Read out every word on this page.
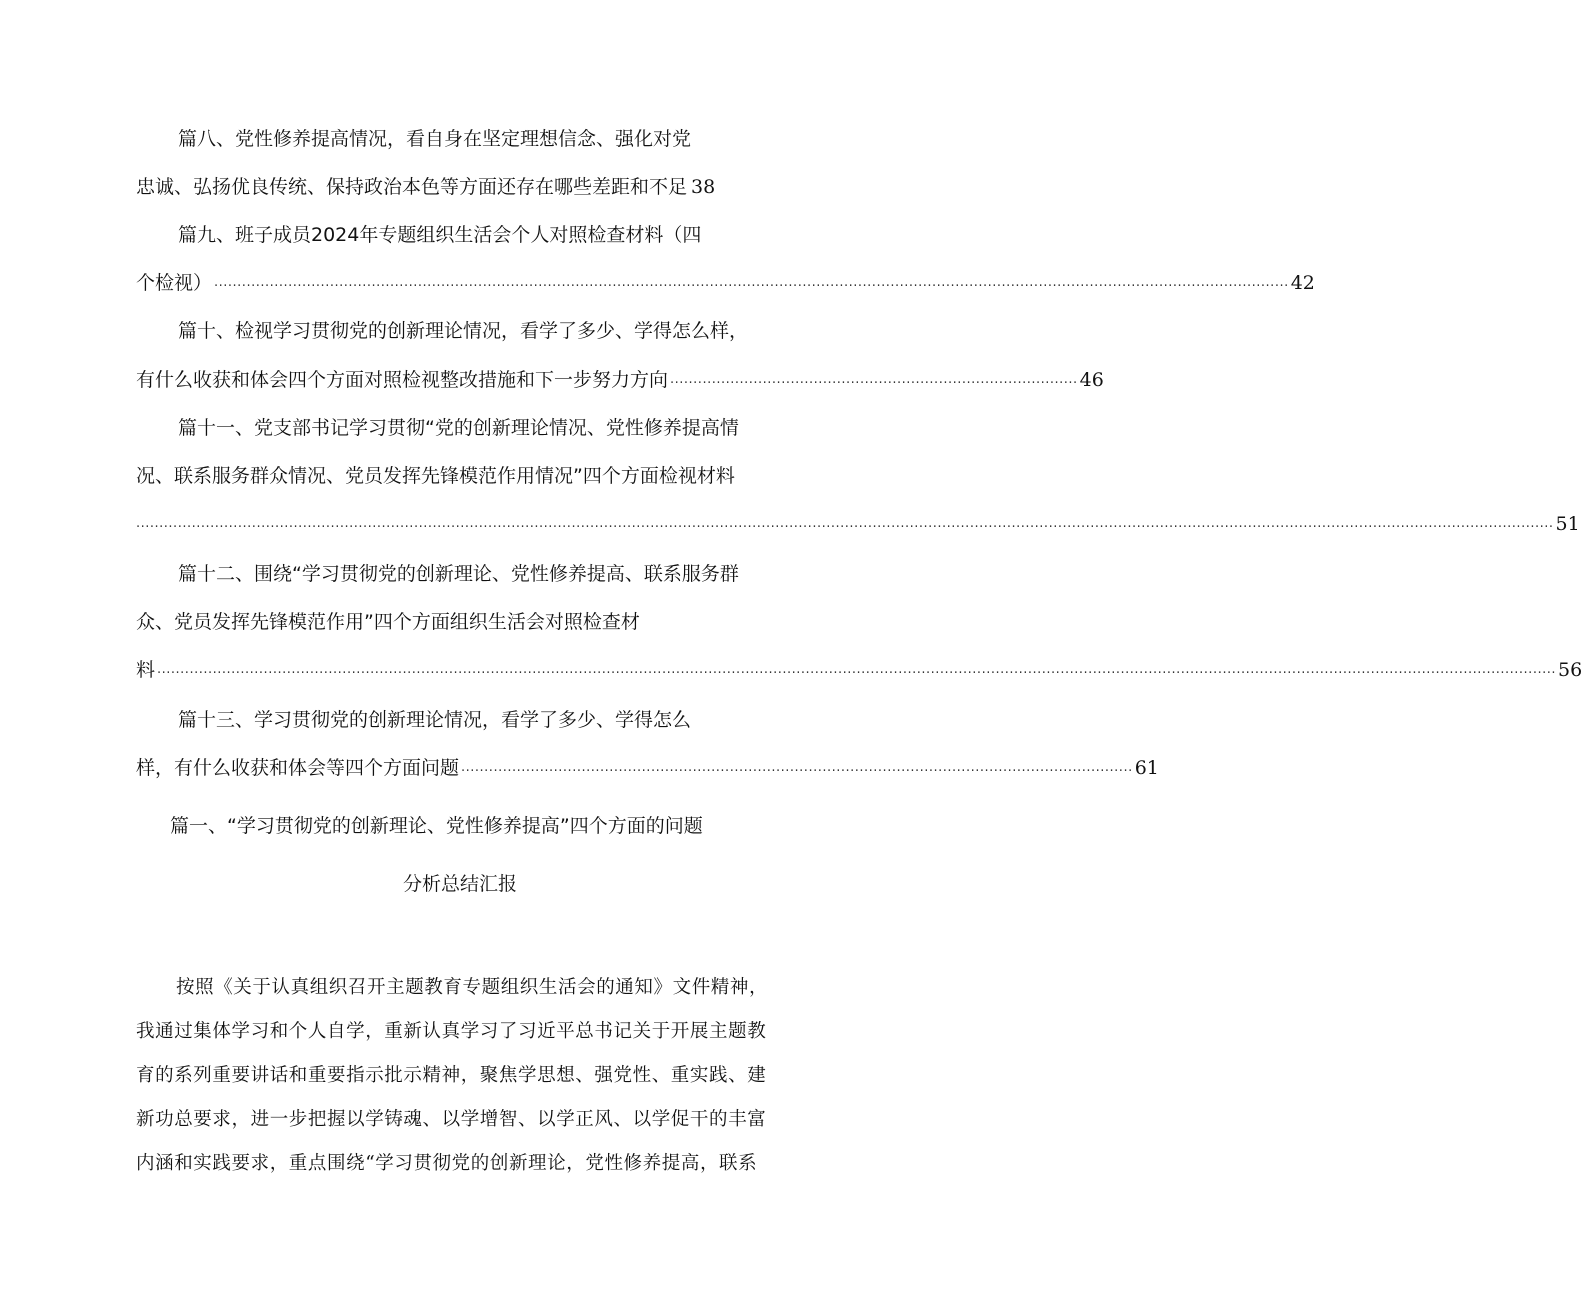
篇八、党性修养提高情况，看自身在坚定理想信念、强化对党
忠诚、弘扬优良传统、保持政治本色等方面还存在哪些差距和不足 38
篇九、班子成员2024年专题组织生活会个人对照检查材料（四
个检视） ........................................................................................................................................................................................................................................ 42
篇十、检视学习贯彻党的创新理论情况，看学了多少、学得怎么样，
有什么收获和体会四个方面对照检视整改措施和下一步努力方向 ........................................................................................ 46
篇十一、党支部书记学习贯彻“党的创新理论情况、党性修养提高情
况、联系服务群众情况、党员发挥先锋模范作用情况”四个方面检视材料
.................................................................................................................................................................................................................................................................................................................. 51
篇十二、围绕“学习贯彻党的创新理论、党性修养提高、联系服务群
众、党员发挥先锋模范作用”四个方面组织生活会对照检查材
料 .............................................................................................................................................................................................................................................................................................................. 56
篇十三、学习贯彻党的创新理论情况，看学了多少、学得怎么
样，有什么收获和体会等四个方面问题 ................................................................................................................................................. 61
篇一、“学习贯彻党的创新理论、党性修养提高”四个方面的问题
分析总结汇报
按照《关于认真组织召开主题教育专题组织生活会的通知》文件精神，
我通过集体学习和个人自学，重新认真学习了习近平总书记关于开展主题教
育的系列重要讲话和重要指示批示精神，聚焦学思想、强党性、重实践、建
新功总要求，进一步把握以学铸魂、以学增智、以学正风、以学促干的丰富
内涵和实践要求，重点围绕“学习贯彻党的创新理论，党性修养提高，联系
